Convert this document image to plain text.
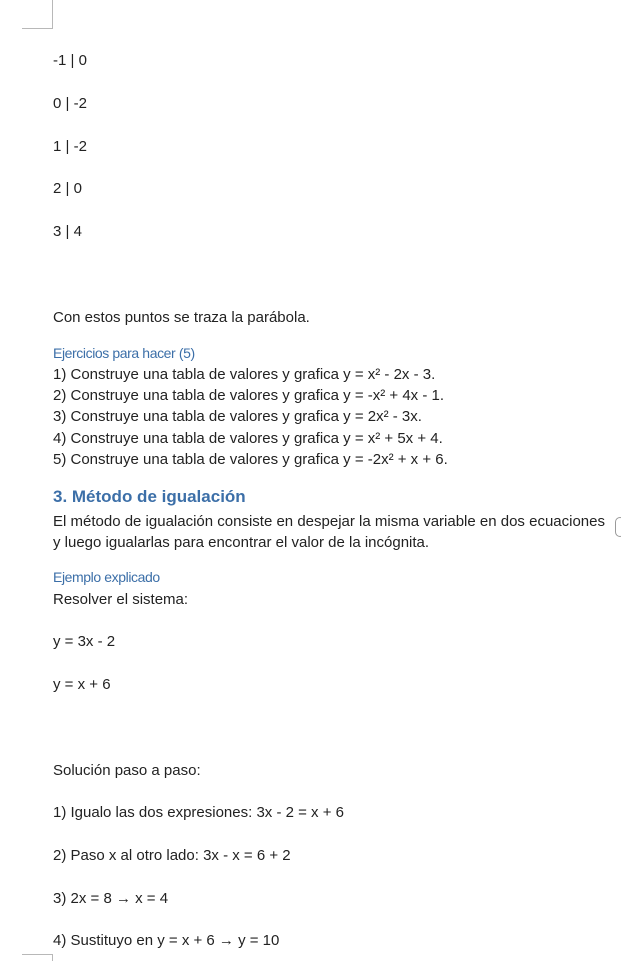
-1 | 0
0 | -2
1 | -2
2 | 0
3 | 4
Con estos puntos se traza la parábola.
Ejercicios para hacer (5)
1) Construye una tabla de valores y grafica y = x² - 2x - 3.
2) Construye una tabla de valores y grafica y = -x² + 4x - 1.
3) Construye una tabla de valores y grafica y = 2x² - 3x.
4) Construye una tabla de valores y grafica y = x² + 5x + 4.
5) Construye una tabla de valores y grafica y = -2x² + x + 6.
3. Método de igualación
El método de igualación consiste en despejar la misma variable en dos ecuaciones y luego igualarlas para encontrar el valor de la incógnita.
Ejemplo explicado
Resolver el sistema:
y = 3x - 2
y = x + 6
Solución paso a paso:
1) Igualo las dos expresiones: 3x - 2 = x + 6
2) Paso x al otro lado: 3x - x = 6 + 2
3) 2x = 8 → x = 4
4) Sustituyo en y = x + 6 → y = 10
